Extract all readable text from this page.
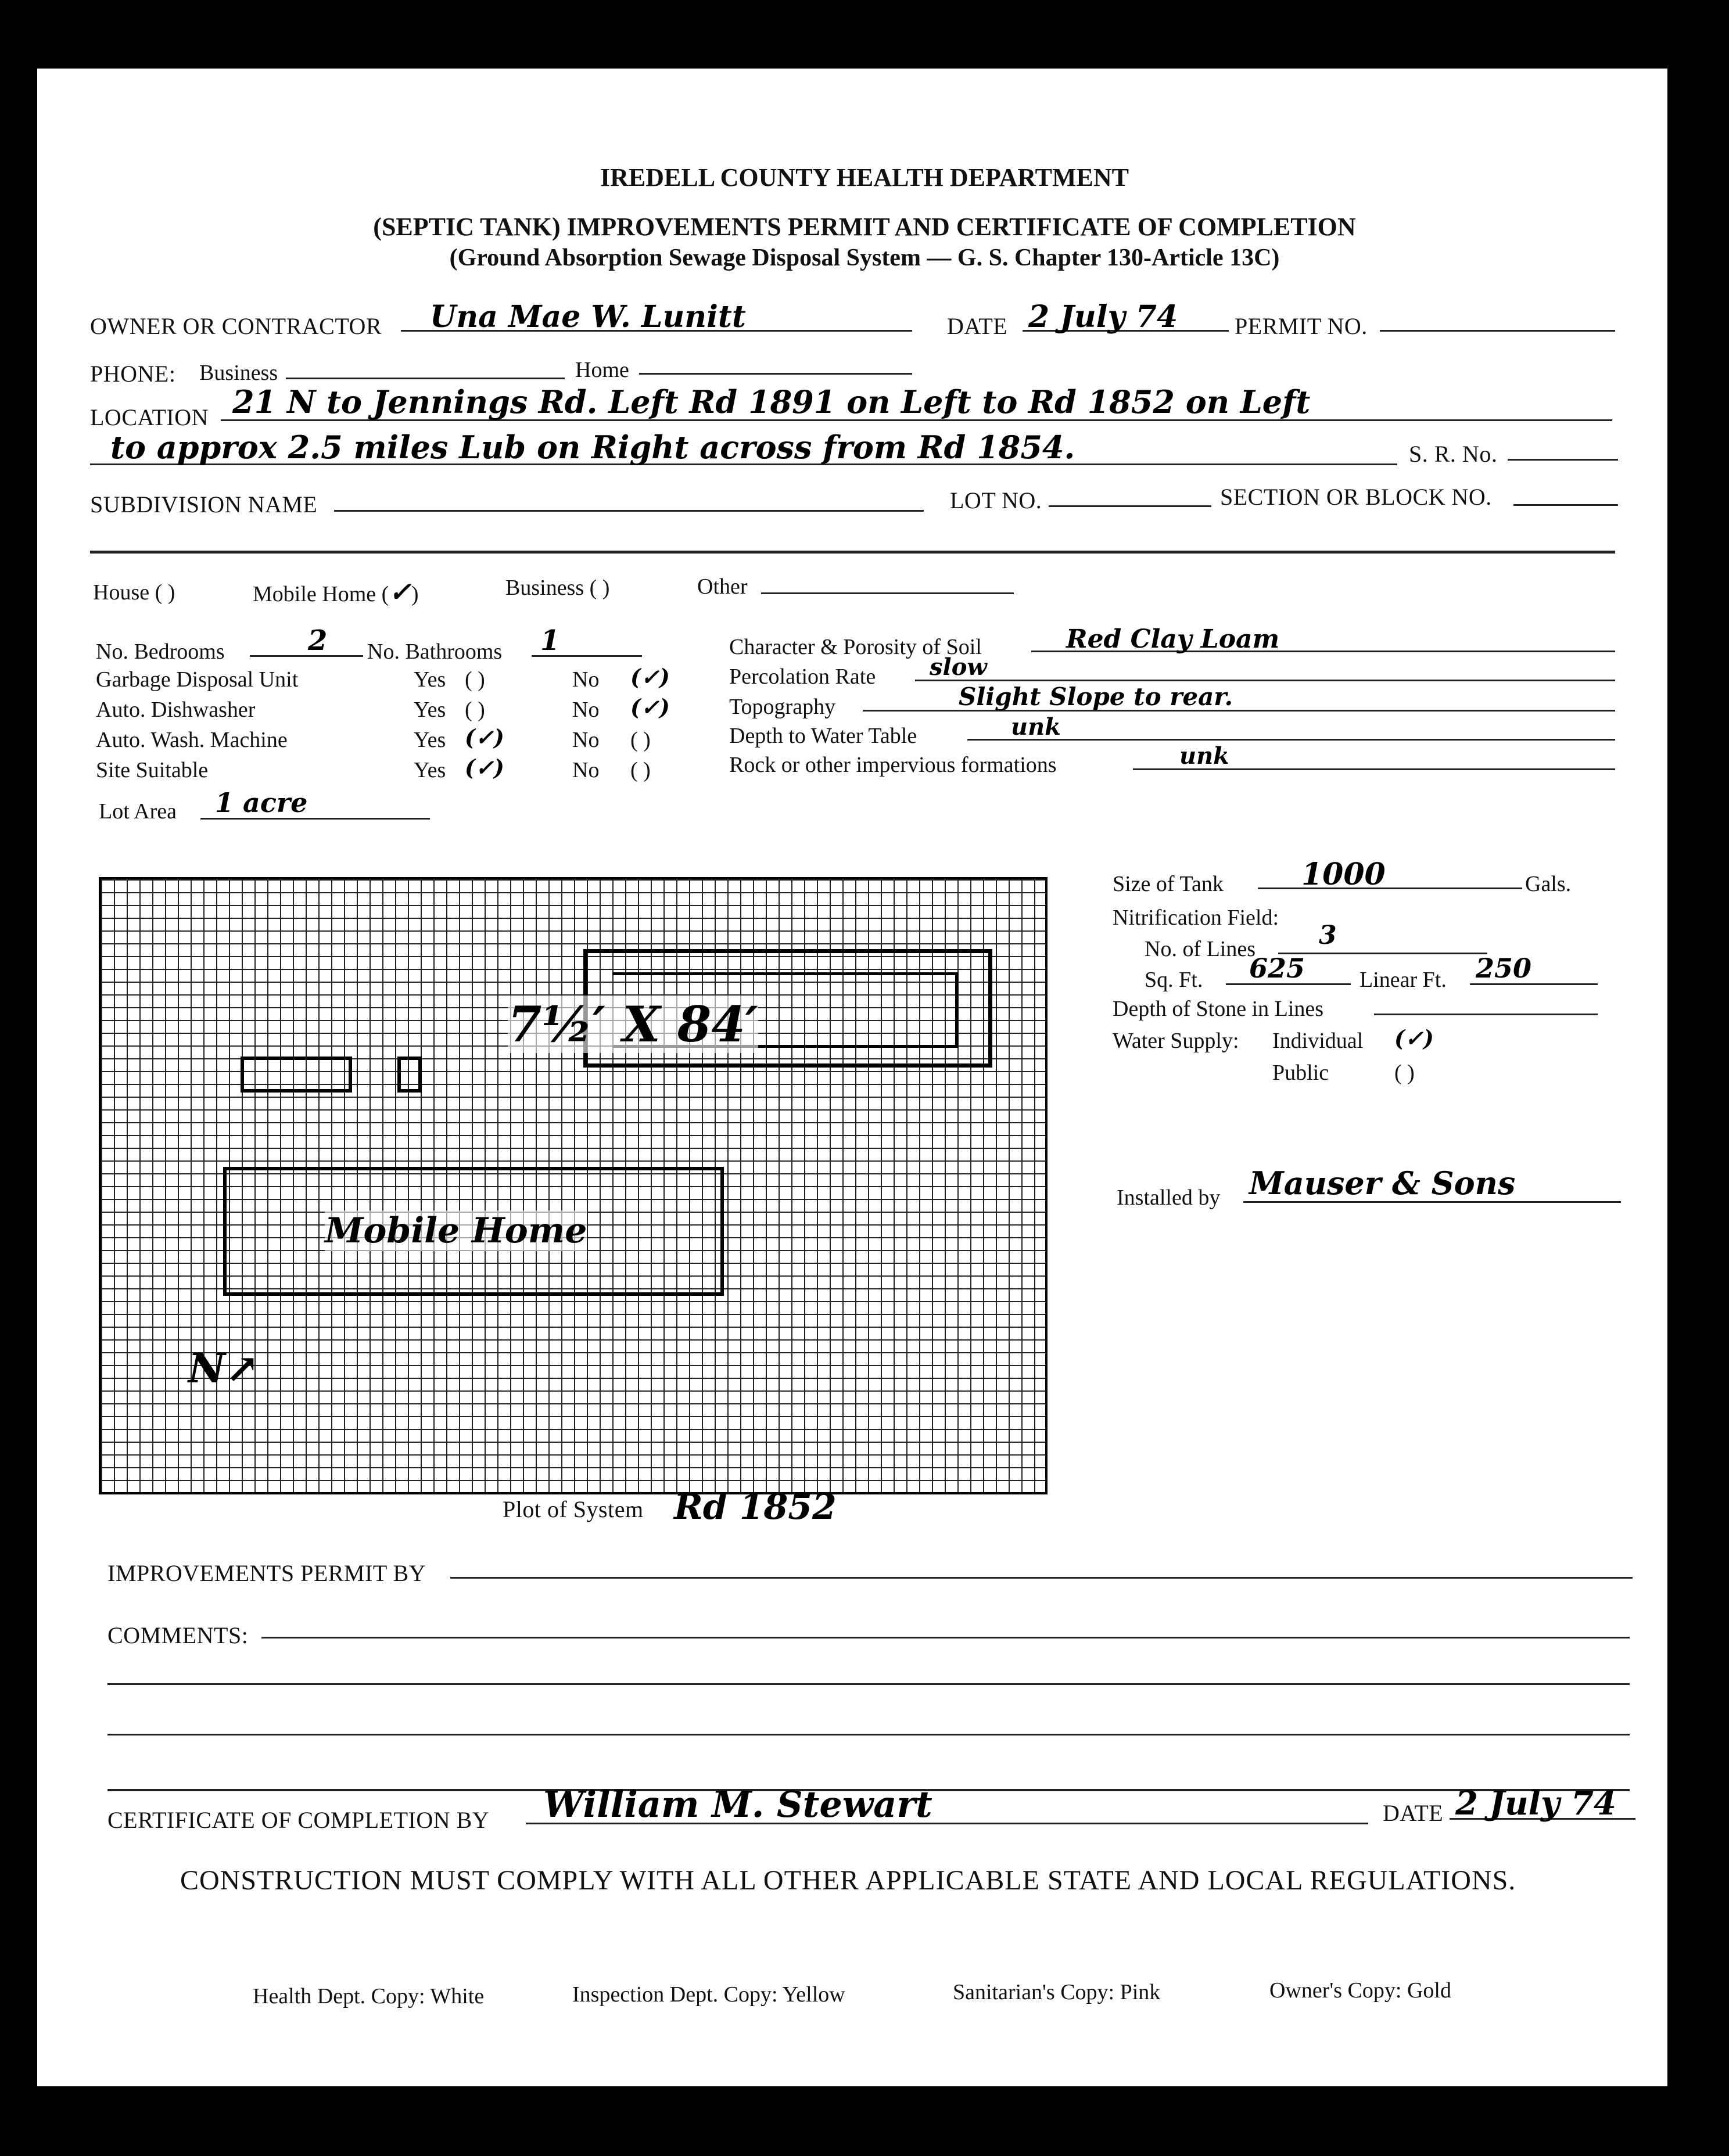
IREDELL COUNTY HEALTH DEPARTMENT
(SEPTIC TANK) IMPROVEMENTS PERMIT AND CERTIFICATE OF COMPLETION
(Ground Absorption Sewage Disposal System — G. S. Chapter 130-Article 13C)
OWNER OR CONTRACTOR Una Mae W. Lunitt	DATE 2 July 74 PERMIT NO.
PHONE: Business	Home
LOCATION 21 N to Jennings Rd. Left Rd 1891 on Left to Rd 1852 on Left
to approx 2.5 miles Lub on Right across from Rd 1854.	S. R. No.
SUBDIVISION NAME	LOT NO.	SECTION OR BLOCK NO.
House ( )	Mobile Home (✓)	Business ( )	Other
No. Bedrooms	2 No. Bathrooms 1
Garbage Disposal Unit	Yes ( )	No (✓)
Auto. Dishwasher	Yes ( )	No (✓)
Auto. Wash. Machine	Yes (✓)	No ( )
Site Suitable	Yes (✓)	No ( )
Lot Area 1 acre
Character & Porosity of Soil	Red Clay Loam
Percolation Rate slow
Topography	Slight Slope to rear.
Depth to Water Table	unk
Rock or other impervious formations	unk
7½′ X 84′
Mobile Home
N↗
Plot of System Rd 1852
Size of Tank	1000	Gals.
Nitrification Field:
No. of Lines 3
Sq. Ft. 625 Linear Ft. 250
Depth of Stone in Lines
Water Supply: Individual (✓)
Public	( )
Installed by Mauser & Sons
IMPROVEMENTS PERMIT BY
COMMENTS:
CERTIFICATE OF COMPLETION BY William M. Stewart	DATE 2 July 74
CONSTRUCTION MUST COMPLY WITH ALL OTHER APPLICABLE STATE AND LOCAL REGULATIONS.
Health Dept. Copy: White	Inspection Dept. Copy: Yellow	Sanitarian's Copy: Pink	Owner's Copy: Gold
